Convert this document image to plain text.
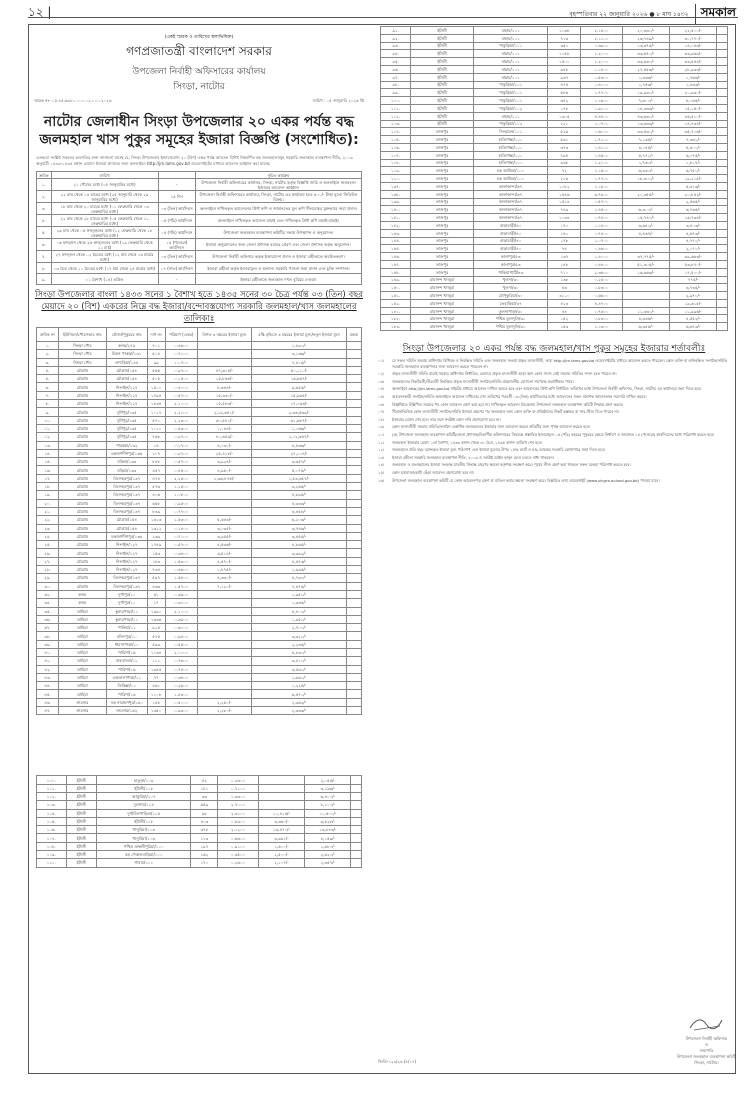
১২ |	বৃহস্পতিবার ২২ জানুয়ারি ২০২৬ ● ৮ মাঘ ১৪৩২	সমকাল
(একই স্মারক ও তারিখের স্থলাভিষিক্ত)
গণপ্রজাতন্ত্রী বাংলাদেশ সরকার
উপজেলা নির্বাহী অফিসারের কার্যালয়
সিংড়া, নাটোর
স্মারক নং- ০৫.৪৫.৬৯৮১.০০০.০২.০০০.২০২৬	তারিখ : ০৫ জানুয়ারি ২০২৬ খ্রি
নাটোর জেলাধীন সিংড়া উপজেলার ২০ একর পর্যন্ত বদ্ধ জলমহাল খাস পুকুর সমূহের ইজারা বিজ্ঞপ্তি (সংশোধিত):
এতদ্বারা সংশ্লিষ্ট সকলের অবগতির জন্য জানানো যাচ্ছে যে, সিংড়া উপজেলার ইজারাযোগ্য ২০ (বিশ) একর পর্যন্ত আয়তন বিশিষ্ট নিম্নবর্ণিত বদ্ধ জলমহালসমূহ সরকারি জলমহাল ব্যবস্থাপনা নীতি, ২০০৯ অনুযায়ী ১৪৩৩-১৪৩৫ বঙ্গাব্দ মেয়াদে ইজারা প্রদানের জন্য অনলাইনে http://jm.lams.gov.bd ওয়েবসাইটের মাধ্যমে আবেদন আহ্বান করা যাচ্ছে।
ক্রমিক	তারিখ		সূচিত কার্যক্রম
১.	২১ পৌষের মধ্যে (০৫ জানুয়ারির মধ্যে)	-	উপজেলা নির্বাহী অফিসারের কার্যালয়, সিংড়া, নাটোর কর্তৃক বিজ্ঞপ্তি জারি ও অনলাইনে জলমহাল ইজারার আবেদন আহ্বান।
২.	২২ মাঘ থেকে ১৪ মাঘের মধ্যে (২৫ জানুয়ারি থেকে ২৯ জানুয়ারির মধ্যে)	১৫ দিন	উপজেলা নির্বাহী অফিসারের কার্যালয়, সিংড়া, নাটোর এর কার্যালয় হতে ৫০০/- টাকা মূল্যে সিডিউল বিক্রয়।
৩.	১৮ মাঘ থেকে ২০ মাঘের মধ্যে (০১ ফেব্রুয়ারি থেকে ০৩ ফেব্রুয়ারির মধ্যে)	০৩ (তিন) কার্যদিবস	অনলাইনে দাখিলকৃত আবেদনের প্রিন্ট কপি ও জামানতের মূল কপি সীলমোহর যুক্তভাবে জমা প্রদান।
৪.	২২ মাঘ থেকে ২৮ মাঘের মধ্যে (০৫ ফেব্রুয়ারি থেকে ১১ ফেব্রুয়ারির মধ্যে)	০৫ (পাঁচ) কার্যদিবস	অনলাইনে দাখিলকৃত আবেদন যাচাই এবং দাখিলকৃত প্রিন্ট কপি যাচাই-বাছাই।
৫.	২৯ মাঘ থেকে ০৫ ফাল্গুনের মধ্যে (১২ ফেব্রুয়ারি থেকে ১৮ ফেব্রুয়ারির মধ্যে)	০৫ (পাঁচ) কার্যদিবস	উপজেলা জলমহাল ব্যবস্থাপনা কমিটির সভায় উপস্থাপন ও অনুমোদন।
৬.	০৬ ফাল্গুন থেকে ২৬ ফাল্গুনের মধ্যে (১৯ ফেব্রুয়ারি থেকে ১১ মার্চ)	১৫ (পনেরো) কার্যদিবস	ইজারা অনুমোদনের জন্য জেলা প্রশাসক বরাবর প্রেরণ এবং জেলা প্রশাসক কর্তৃক অনুমোদন।
৭.	২৭ ফাল্গুন থেকে ০২ চৈত্রের মধ্যে (১২ মার্চ থেকে ১৬ মার্চের মধ্যে)	০৩ (তিন) কার্যদিবস	উপজেলা নির্বাহী অফিসার কর্তৃক ইজারাদেশ প্রদান ও ইজারা গ্রহীতাকে অবহিতকরণ।
৮.	০৩ চৈত্র থেকে ১০ চৈত্রের মধ্যে (১৭ মার্চ থেকে ২৪ মার্চের মধ্যে)	০৭ (সাত) কার্যদিবস	ইজারা গ্রহীতা কর্তৃক ইজারামূল্য ও অন্যান্য সরকারি পাওনা জমা প্রদান এবং চুক্তি সম্পাদন।
৯.	০১ বৈশাখ (১৪) এপ্রিল	-	ইজারা গ্রহীতাকে জলমহাল দখল বুঝিয়ে দেওয়া।
সিংড়া উপজেলার বাংলা ১৪৩৩ সনের ১ বৈশাখ হতে ১৪৩৫ সনের ৩০ চৈত্র পর্যন্ত ০৩ (তিন) বছর মেয়াদে ২০ (বিশ) একরের নিম্নে বদ্ধ ইজারা/বন্দোবস্তযোগ্য সরকারি জলমহাল/খাস জলমহালের তালিকাঃ
ক্রমিক নং	ইউনিয়ন/পৌরসভার নাম	মৌজা/পুকুরের নাম	দাগ নং	পরিমাণ (একর)	বিগত ৩ বছরের ইজারা মূল্য	৫% বৃদ্ধিতে ৩ বছরের ইজারা মূল্য/নতুন ইজারা মূল্য	মন্তব্য
১.	সিংড়া পৌর	কলম/২৭৯	৭০১	০.৪৬০০		১,৪৯০/-	
২.	সিংড়া পৌর	চিকন পাকড়া/১৩১	৫১৪	০.৭১০০		৩,১৩৬/-	
৩.	সিংড়া পৌর	লাহুড়িয়া/১৪৪	৯৯	১.০৭০০		৭,৪১৫/-	
৪.	চৌগ্রাম	চৌগ্রাম/১৫৪	৫৬৫	০.৯৭০০	৪৭,৬১৪/-	৫০,১১০/-	
৫.	চৌগ্রাম	চৌগ্রাম/১৫৪	৫০৫	০.১৫০০	১৫,৮৬৪/-	১৬,৬৫৭/-	
৬.	চৌগ্রাম	নিংগইন/১২৭	১৫০০	০.৪০০০	৮,৬৪৪/-	৯,৬৫৫/-	
৭.	চৌগ্রাম	নিংগইন/১২৭	১৭৯৪	০.৫৭০০	১৫,৩৩০/-	১৫,৯৬৫/-	
৮.	চৌগ্রাম	নিংগইন/১২৭	১৮৩৪	২.১০০০	১৫,৫৮৩/-	১৭,০৬৩/-	
৯.	চৌগ্রাম	দুর্গিপুর/১৩৫	১০১৭	২.২০০০	২,১৯,৬৫১/-	২,৩৬,৫৬৯/-	
১০.	চৌগ্রাম	দুর্গিপুর/১৩৫	৫৭০	২.২৩০০	৩০,৫৮১/-	৩১,৬৮৭/-	
১১.	চৌগ্রাম	দুর্গিপুর/১৩৫	১০১০	০.৫৩০০	১,০৪৪/-	১,০৬৬/-	
১২.	চৌগ্রাম	দুর্গিপুর/১৩৫	৭৬৮	০.৯৭০০	৪০,৬৫৯/-	১,০২,৬৫৭/-	
১৩.	চৌগ্রাম	পারকয়া/১৩২	১৪	০.১৭০০	৪,০৩০/-	৪,৪৩৬/-	
১৪.	চৌগ্রাম	চকজগদীশপুর/১৩৬	১০৭	০.৯৭০০	২৫,৪১৮/-	২৭,১০৪/-	
১৫.	চৌগ্রাম	বড়িয়া/১৩৩	৮৪৮	০.৫৭০০	৩,৯২৪/-	৩,৬৫৭/-	
১৬.	চৌগ্রাম	বড়িয়া/১৩৩	৪৫৭	০.৪৫০০	৪,৯৫০/-	৫,০৭৫/-	
১৭.	চৌগ্রাম	বিলদহরপুর/১৩৭	৪৭৪	২.২৫০০	১,৩৬,৮৭৫/-	১,৫৩,৩৫৭/-	
১৮.	চৌগ্রাম	বিলদহরপুর/১৩৭	৫৭৬	১.১৫০০		৩,২৬৫/-	
১৯.	চৌগ্রাম	বিলদহরপুর/১৩৭	৪০৬	১.০৮০০		৪,৮৯৫/-	
২০.	চৌগ্রাম	বিলদহরপুর/১৩৭	৬৫৮	০.৯৫০০		৪,৩৩৩/-	
২১.	চৌগ্রাম	বিলদহরপুর/১৩৭	৮৩৯	০.৭৭০০		৩,৪৫৮/-	
২২.	চৌগ্রাম	চৌগ্রাম/১৫৪	১৩১৩	১.৫৩০০	৫,৬৪৩/-	৬,২০৩/-	
২৩.	চৌগ্রাম	চৌগ্রাম/১৫৪	১৩১২	০.১৪০০	৩,০৩৫/-	৩,৭৪৬/-	
২৪.	চৌগ্রাম	চকজগদীশপুর/১৩৬	২৩৯	০.৭১০০	৩,৯৫৫/-	৩,৪৫৫/-	
২৫.	চৌগ্রাম	নিংগইন/১২৭	১৭৪৯	০.৫৭০০	৪,৫৩৬/-	৪,৮৬৫/-	
২৬.	চৌগ্রাম	নিংগইন/১২৭	১৫৩	০.৩৪০০	৩,৫১৪/-	৩,৩৯২/-	
২৭.	চৌগ্রাম	নিংগইন/১২৭	১৮৩	১.৫৩০০	৪,৫৭০/-	৪,৫৭৩/-	
২৮.	চৌগ্রাম	নিংগইন/১২৭	৭৩৪	০.৪৬০০	১,৮৭৫/-	১,৯৩৫/-	
২৯.	চৌগ্রাম	বিলদহরপুর/১৩৭	৫৯৭	১.৫৪০০	৪,৩৩০/-	৪,৭৩০/-	
৩০.	চৌগ্রাম	বিলদহরপুর/১৩৭	৪৩৬	১.৫৭০০	৭,১২০/-	৭,৪৭৫/-	
৩২.	কলম	দুর্গাপুর/১০	৫১	০.৩৯০০		১,৯৫০/-	
৩৪.	কলম	দুর্গাপুর/১০	১৭	০.৩১০০		১,৩৬৫/-	
৩৫.	ডাহিয়া	কুমারপাড়া/১০	১৩৯০	২.১০০০		৪,৪০০/-	
৩৬.	ডাহিয়া	কুমারপাড়া/১০	১৩৩৬	০.৩৯০০		১,৯৫০/-	
৩৭.	ডাহিয়া	পাকিয়া/১১	৯১৫	০.৬০০০		২,৭০০/-	
৩৮.	ডাহিয়া	বলিদপুর/১০	৫৭৫	০.৯৪০০		৩,৩২০/-	
৩৯.	ডাহিয়া	ধামসাপাড়া/১০	৫৯৩	০.৫৫০০		২,২৩৫/-	
৪০.	ডাহিয়া	পারিশা/১৬	১১৩৪	২.০০০০		৪,৪৩০/-	
৪১.	ডাহিয়া	বারবাদলা/১১	১১১	০.৭৬০০		৩,৪১০/-	
৪২.	ডাহিয়া	পারিশা/১৬	১৩৪৫	০.৭৪০০		৩,৫৩০/-	
৪৩.	ডাহিয়া	একডালাপাড়া/১১	৭৭	০.৩৪০০		১,৬৬০/-	
৪৪.	ডাহিয়া	তিকিল্লা/১০	৪৬০	০.২৬০০		১,২২৫/-	
৪৫.	ডাহিয়া	পারিশা/১৬	১১০৮	১.৪৩০০		৬,৫৭০/-	
৪৬.	লালোর	বড় নারায়ণপুর/১৬০	১৪৮	০.৫০০০	২,২৫০/-	২,৩৬২/-	
৪৭.	লালোর	লালোর/১৬২	১৩৫০	০.৯৩০০	২,২৮০/-	২,৩৩৩/-	
১০০.	ইটালী	হাতুড়া/১০৯	৪২	০.২৬০০		২,০৫৫/-	
১০১.	ইটালী	ইটালী/১০৮	১৮১	০.৭১০০		৩,১৯৬/-	
১০২.	ইটালী	আড়ুবিয়া/১০৭	৩৩	১.৩৩০০		৬,৪০০/-	
১০৩.	ইটালী	দুলসাম/১১৪	৫৫৯	২.৭০০০		৮,১০০/-	
১০৪.	ইটালী	দুর্গাবিলপাড়িয়া/১১৫	৯৮	২.৩১০০	১০,৪১৫/-	১০,৫০০/-	
১০৫.	ইটালী	ইটালী/১০৮	৪০৩	০.৮৩০০	৩,৩৬০/-	৩,৫২৮/-	
১০৬.	ইটালী	খানুবিয়া/১০৩	৩৭৮	২.১২০০	১৩,৪৭০/-	১৩,৮৪৩/-	
১০৭.	ইটালী	খানুবিয়া/১০৩	১১৩	০.৬৬০০	৩,৯৬১/-	৪,১৫৯/-	
১০৮.	ইটালী	পশ্চিম তাম্বলীপুরিয়া/১০০	১৯৭	০.৯১০০	১,৬০০/-	১,৬৮০/-	
১০৯.	ইটালী	বড় পেকালবাড়িয়া/১০১	১৬২	০.৩৫০০	২,৫০০/-	২,৬২০/-	
১১০.	ইটালী	গাবাম/১০১	১৭০	০.২৬০০	২,১০৭/-	২,৩৫৭/-	
৯১.	ইটালী	বাহাম/১০১	১০৩৮	২.১৪০০	২০,৩৩০/-	২২,৫০০/-	
৯২.	ইটালী	বাহাম/১০১	৭১৬	২.১১০০	২৬,৭৪৯/-	৩০,৭৭০/-	
৯৩.	ইটালী	পাকুড়িয়া/১০১	৩৫১	০.৩৯০০	১৩,৩৭৫/-	১৪,০৪৩/-	
৯৪.	ইটালী	বাহাম/১০১	১০৫৮	১.২০০০	৩৩,৬৭০/-	৩৩,৯৬৯/-	
৯৫.	ইটালী	বাহাম/১০১	১৫০০	১.২০০০	৩৩,৯৬০/-	৩৩,৫৫৪/-	
৯৬.	ইটালী	বাহাম/১০১	৯৪৮	০.১৪০০	২৭,৫৫৬/-	২৮,৯৩৩/-	
৯৭.	ইটালী	বাহাম/১০১	৯৩৭	০.৫৩০০	১,৩৩৩/-	১,৭৬৬/-	
৯৮.	ইটালী	পাকুড়িয়া/১০১	৪৭৫	০.৪০০০	১,৭৫৩/-	১,৪৩৩/-	
৯৯.	ইটালী	পাকুড়িয়া/১০১	৫৮৩	১.৭৭০০	১৯,৯৩০/-	২০,৯৩০/-	
১০০.	ইটালী	পাকুড়িয়া/১০১	৩৪২	০.১৬০০	৭,৬০০/-	৮,০৬৫/-	
১০১.	ইটালী	পাকুড়িয়া/১০২	১৭৮	০.৯১০০	১৪,৩৩৩/-	১৫,০৫০/-	
১০২.	ইটালী	বাহাম/১০১	১৩০৫	৪.৪৪০০	৪৩,৬৩০/-	৪৬,৫০০/-	
১০৩.	ইটালী	পাকুড়িয়া/১০২	২২০	১.০৭০০	১৩,৩৩৩/-	১৪,৭৩৪/-	
১০৪.	তাজপুর	সিংড়ামন/১০১	৫২৩	০.৬১০০	৩৩,৫৩০/-	৩৫,৭০৬/-	
১০৫.	তাজপুর	হাতিগাছা/১০০	৫৩১	১.৭১০০	৭,১৩৫/-	৭,৩৩১/-	
১০৬.	তাজপুর	হাতিগাছা/১০০	৩৭৩	০.৪১০০	৪,০৪৫/-	৪,৩০০/-	
১০৭.	তাজপুর	হাতিগাছা/১০০	৭৯৪	০.৪৫০০	৫,৭৭১/-	৬,০৭৫/-	
১০৮.	তাজপুর	হাতিগাছা/১০০	৯৩৮	১.২১০০	১,৭৩০/-	১,৮১৭/-	
১০৯.	তাজপুর	চক আকিরা/১০০	৭২	১.১৫০০	৬,৩৩০/-	৬,৭৫০/-	
১১০.	তাজপুর	চক আকিরা/১০০	২১৬	০.৭৭০০	১৮,৩০০/-	১৯,২১৫/-	
১৩৭.	তাজপুর	কালাকান্দা/৬৭	১০৮২	১.১৮০০		৫,৩১৩/-	
১৩৮.	তাজপুর	কালাকান্দা/৬৭	১৫৪৬	৩.৭৪০০	২০,৩৫৫/-	২০,৮৫২/-	
১৩৯.	তাজপুর	কালাকান্দা/৬৭	১৫১৪	০.৫৭০০		২,৫৬৫/-	
১৪০.	তাজপুর	কালাকান্দা/৬৭	৭৪৯	১.৪৫০০	৬,৩০০/-	৬,৭৬৫/-	
১৪১.	তাজপুর	কালাকান্দা/৬৭	১০৩৪	০.৭৪০০	১৫,৭৪০/-	১৬,৭৩৪/-	
১৪২.	তাজপুর	বাড়াবাড়ী/৪০	১৭০	০.১৪০০	৩,৬৪১/-	৩,৪০৩/-	
১৪৩.	তাজপুর	বাড়াবাড়ী/৪০	১৪০	০.৭৪০০	৪,৪৩৭/-	৪,৬৭৩/-	
১৪৪.	তাজপুর	বাড়াবাড়ী/৪০	১৭৮	১.০৭০০		৪,৭৭০/-	
১৪৫.	তাজপুর	বাড়াবাড়ী/৪০	৭৪	০.৪৬০০		২,০৭০/-	
১৪৬.	তাজপুর	কালাপুর/৫৩	১৩৭	১.৪০০০	৩৭,৭৭৫/-	৩৯,৬৬৩/-	
১৪৭.	তাজপুর	কালাপুর/৫৩	১৪৮	০.৪৪০০	৫১,৩০৫/-	৫৩,৮৭০/-	
১৪৮.	তাজপুর	পাকিয়াপাটি/৪৩	৭১০	২.৩৬০০	১৬,৬৬৬/-	১৭,৫০০/-	
১৪৯.	রামানন্দ খাজুরা	খুলসা/৩০	১৩৮	০.২৫০০		৭৭৫/-	
১৫০.	রামানন্দ খাজুরা	খুলসা/৩০	৪৩	০.৮৩০০		৩,৭৩৫/-	
১৫১.	রামানন্দ খাজুরা	চৌপুকুরিয়া/৩০	৩১১০	০.৬৬০০		২,৯৭০/-	
১৫২.	রামানন্দ খাজুরা	তেবাড়িয়া/৩৭	৪১৩	৪.৪৭০০		১৯,৬১৫/-	
১৮১.	রামানন্দ খাজুরা	তুলনাপাড়া/৩০	৪৪	০.৭৩০০	১১,৩৩০/-	১১,৯৯৬/-	
১৮২.	রামানন্দ খাজুরা	পশ্চিম মুলাদুলি/৩১	১৫২	০.৮৩০০	৪,৩৩৫/-	৪,৫৫২/-	
১৮৩.	রামানন্দ খাজুরা	পশ্চিম মুলাদুলি/৩১	১৫৩	১.১৩০০	৬,৩৫৫/-	৬,৬৭৩/-	
সিংড়া উপজেলার ২০ একর পর্যন্ত বদ্ধ জলমহাল/খাস পুকুর সমূহের ইজারার শর্তাবলীঃ
০১।	যে সকল সমিতি সমবায় অধিদপ্তর বিধিবদ্ধ ও নিবন্ধিত সমিতি এবং জলমহাল সংলগ্ন প্রকৃত মৎস্যজীবী, তারা http://jm.lams.gov.bd ওয়েবসাইটের মাধ্যমে আবেদন করতে পারবেন। কোন ব্যক্তি বা অনিবন্ধিত সংগঠন/সমিতি সরকারি জলমহাল ব্যবস্থাপনার জন্য আবেদন করতে পারবেন না।
০২।	প্রকৃত মৎস্যজীবী সমিতি যাচাই সমবায় অধিদপ্তর নির্ধারিত, মেলাবে প্রকৃত মৎস্যজীবী ছাড়া অন্য কোন সদস্য সেই সমবায় সমিতির সদস্য হতে পারবে না।
০৩।	জলমহালের নিকটবর্তী/তীরবর্তী নিবন্ধিত প্রকৃত মৎস্যজীবী সংগঠন/সমিতি প্রয়োজনীয় যোগ্যতা সাপেক্ষে অগ্রাধিকার পাবে।
০৪।	অনলাইনে http://jm.lams.gov.bd সাইটের মাধ্যমে আবেদন দাখিল করতে হবে এবং আবেদনের প্রিন্ট কপি নির্ধারিত তারিখের মধ্যে উপজেলা নির্বাহী অফিসার, সিংড়া, নাটোর এর কার্যালয়ে জমা দিতে হবে।
০৫।	আবেদনকারী সংগঠন/সমিতি অনলাইনে আবেদন দাখিলের শেষ তারিখের পরবর্তী ০৩ (তিন) কার্যদিবসের মধ্যে আবেদনের সকল প্রমাণক জামানতসহ সরাসরি দাখিল করবে।
০৬।	বিজ্ঞপ্তিতে উল্লিখিত সময়ের পর কোন আবেদন গ্রহণ করা হবে না। দাখিলকৃত আবেদন বিবেচনায় উপজেলা জলমহাল ব্যবস্থাপনা কমিটি সিদ্ধান্ত গ্রহণ করবে।
০৭।	সীমানাভিত্তিক কোন মৎস্যজীবী সংগঠন/সমিতি ইজারা গ্রহণের পর জলমহাল অন্য কোন ব্যক্তি বা প্রতিষ্ঠানের নিকট হস্তান্তর বা সাব-লীজ দিতে পারবে না।
০৮।	ইজারার মেয়াদ শেষ হলে তার সঙ্গে সংশ্লিষ্ট কোন দাবি গ্রহণযোগ্য হবে না।
০৯।	কোন মৎস্যজীবী সমবায় সমিতি/সংগঠন একাধিক জলমহালের ইজারার জন্য আবেদন করলে প্রতিটির জন্য পৃথক আবেদন করতে হবে।
১০।	(ক) উপজেলা জলমহাল ব্যবস্থাপনা কমিটি/জেলা প্রশাসক/বিভাগীয় কমিশনারের সিদ্ধান্তে প্রস্তাবিত ইজারামূল্য ০৫ (পাঁচ) বছরের পুকুরের ক্ষেত্রে নির্ধারণ ও জামানত ১৫ (পনেরো) কার্যদিবসের মধ্যে পরিশোধ করতে হবে।
১১।	জলমহাল ইজারার মেয়াদ ১লা বৈশাখ, ১৪৩৩ বঙ্গাব্দ থেকে ৩০ চৈত্র, ১৪৩৫ বঙ্গাব্দ তারিখে শেষ হবে।
১২।	জলমহালে প্রতি বছর বরাদ্দকৃত ইজারা মূল্য পরিশোধ এবং ইজারা মূল্যের উপর ১৫% ভ্যাট ও ৫% আয়কর সরকারি কোষাগারে জমা দিতে হবে।
১৩।	ইজারা গ্রহীতা সরকারি জলমহাল ব্যবস্থাপনা নীতি, ২০০৯ ও সংশ্লিষ্ট আইন কানুন মেনে চলতে বাধ্য থাকবেন।
১৪।	জলমহাল ও জলমহালের ইজারা সংক্রান্ত যাবতীয় সিদ্ধান্ত গ্রহণের ক্ষমতা কর্তৃপক্ষ সংরক্ষণ করে। পূর্বের লীজ গ্রহণ করা থাকলে সকল বকেয়া পরিশোধ করতে হবে।
১৫।	কোন ঘষামাজা/কাটা ছেঁড়া আবেদন গ্রহণযোগ্য হবে না।
১৬।	উপজেলা জলমহাল ব্যবস্থাপনা কমিটি যে কোন আবেদনপত্র গ্রহণ বা বাতিল করার ক্ষমতা সংরক্ষণ করে। বিস্তারিত তথ্য ওয়েবসাইট (www.singra.acland.gov.bd) পাওয়া যাবে।
জিডি-১২৯/২৬ (৫/১৭)
উপজেলা নির্বাহী অফিসার
ও
সভাপতি
উপজেলা জলমহাল ব্যবস্থাপনা কমিটি
সিংড়া, নাটোর।
